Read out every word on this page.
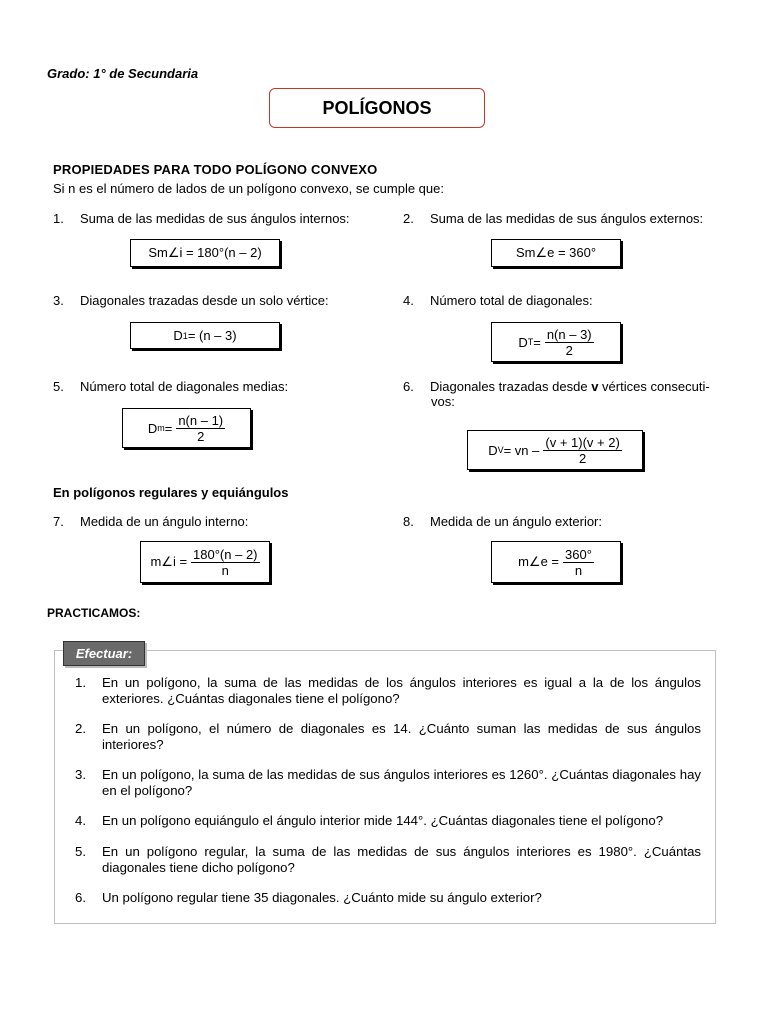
Grado: 1° de Secundaria
POLÍGONOS
PROPIEDADES PARA TODO POLÍGONO CONVEXO
Si n es el número de lados de un polígono convexo, se cumple que:
1.	Suma de las medidas de sus ángulos internos:
Sm∠i = 180°(n – 2)
2.	Suma de las medidas de sus ángulos externos:
Sm∠e = 360°
3.	Diagonales trazadas desde un solo vértice:
D 1 = (n – 3)
4.	Número total de diagonales:
D $T = \frac{n(n - 3)}{2}$
5.	Número total de diagonales medias:
D $m = \frac{n(n - 1)}{2}$
6.	Diagonales trazadas desde v vértices consecuti-
vos:
D V = vn – $\frac{(v + 1)(v + 2)}{2}$
En polígonos regulares y equiángulos
7.	Medida de un ángulo interno:
m∠i = $\frac{180^\circ(n - 2)}{n}$
8.	Medida de un ángulo exterior:
m∠e = $\frac{360^\circ}{n}$
PRACTICAMOS:
Efectuar:
1.	En un polígono, la suma de las medidas de los ángulos interiores es igual a la de los ángulos exteriores. ¿Cuántas diagonales tiene el polígono?
2.	En un polígono, el número de diagonales es 14. ¿Cuánto suman las medidas de sus ángulos interiores?
3.	En un polígono, la suma de las medidas de sus ángulos interiores es 1260°. ¿Cuántas diagonales hay en el polígono?
4.	En un polígono equiángulo el ángulo interior mide 144°. ¿Cuántas diagonales tiene el polígono?
5.	En un polígono regular, la suma de las medidas de sus ángulos interiores es 1980°. ¿Cuántas diagonales tiene dicho polígono?
6.	Un polígono regular tiene 35 diagonales. ¿Cuánto mide su ángulo exterior?
